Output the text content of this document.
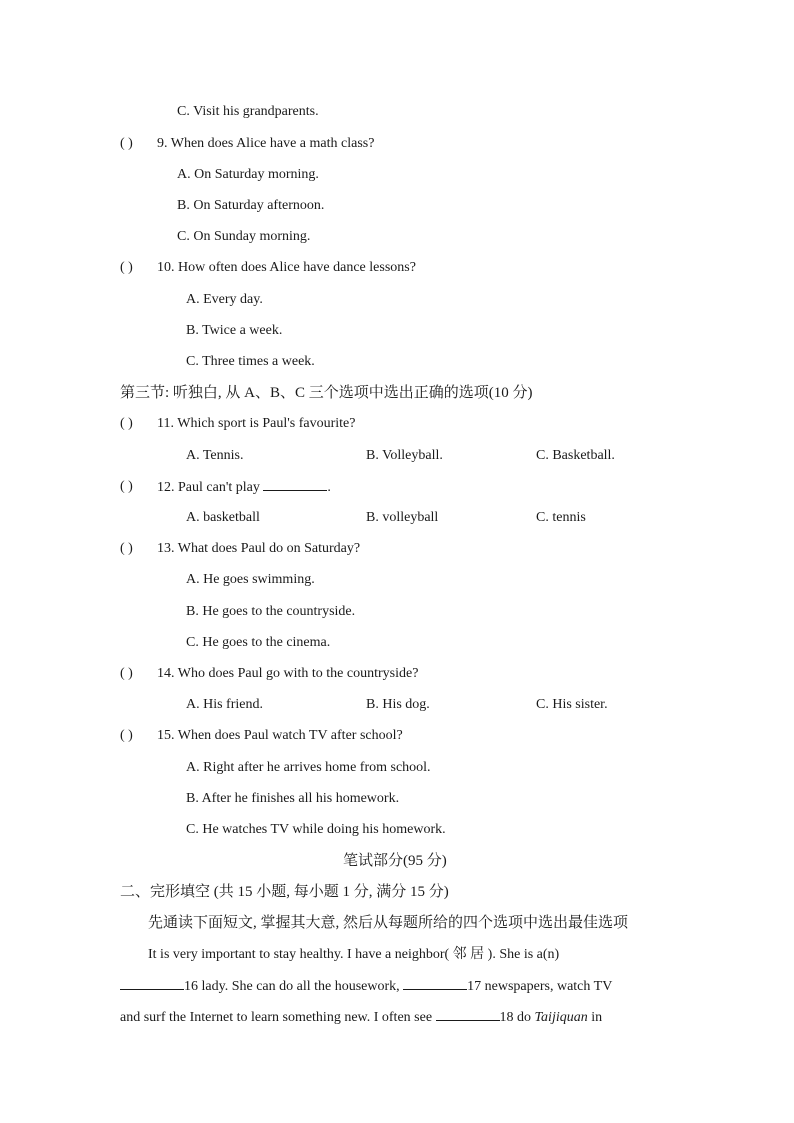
C. Visit his grandparents.
( ) 9. When does Alice have a math class?
A. On Saturday morning.
B. On Saturday afternoon.
C. On Sunday morning.
( ) 10. How often does Alice have dance lessons?
A. Every day.
B. Twice a week.
C. Three times a week.
第三节: 听独白, 从 A、B、C 三个选项中选出正确的选项(10 分)
( ) 11. Which sport is Paul's favourite?
A. Tennis.	B. Volleyball.	C. Basketball.
( ) 12. Paul can't play	.
A. basketball	B. volleyball	C. tennis
( ) 13. What does Paul do on Saturday?
A. He goes swimming.
B. He goes to the countryside.
C. He goes to the cinema.
( ) 14. Who does Paul go with to the countryside?
A. His friend.	B. His dog.	C. His sister.
( ) 15. When does Paul watch TV after school?
A. Right after he arrives home from school.
B. After he finishes all his homework.
C. He watches TV while doing his homework.
笔试部分(95 分)
二、完形填空 (共 15 小题, 每小题 1 分, 满分 15 分)
先通读下面短文, 掌握其大意, 然后从每题所给的四个选项中选出最佳选项
It is very important to stay healthy. I have a neighbor( 邻 居 ). She is a(n)
16 lady. She can do all the housework,	17 newspapers, watch TV
and surf the Internet to learn something new. I often see	18 do Taijiquan in
